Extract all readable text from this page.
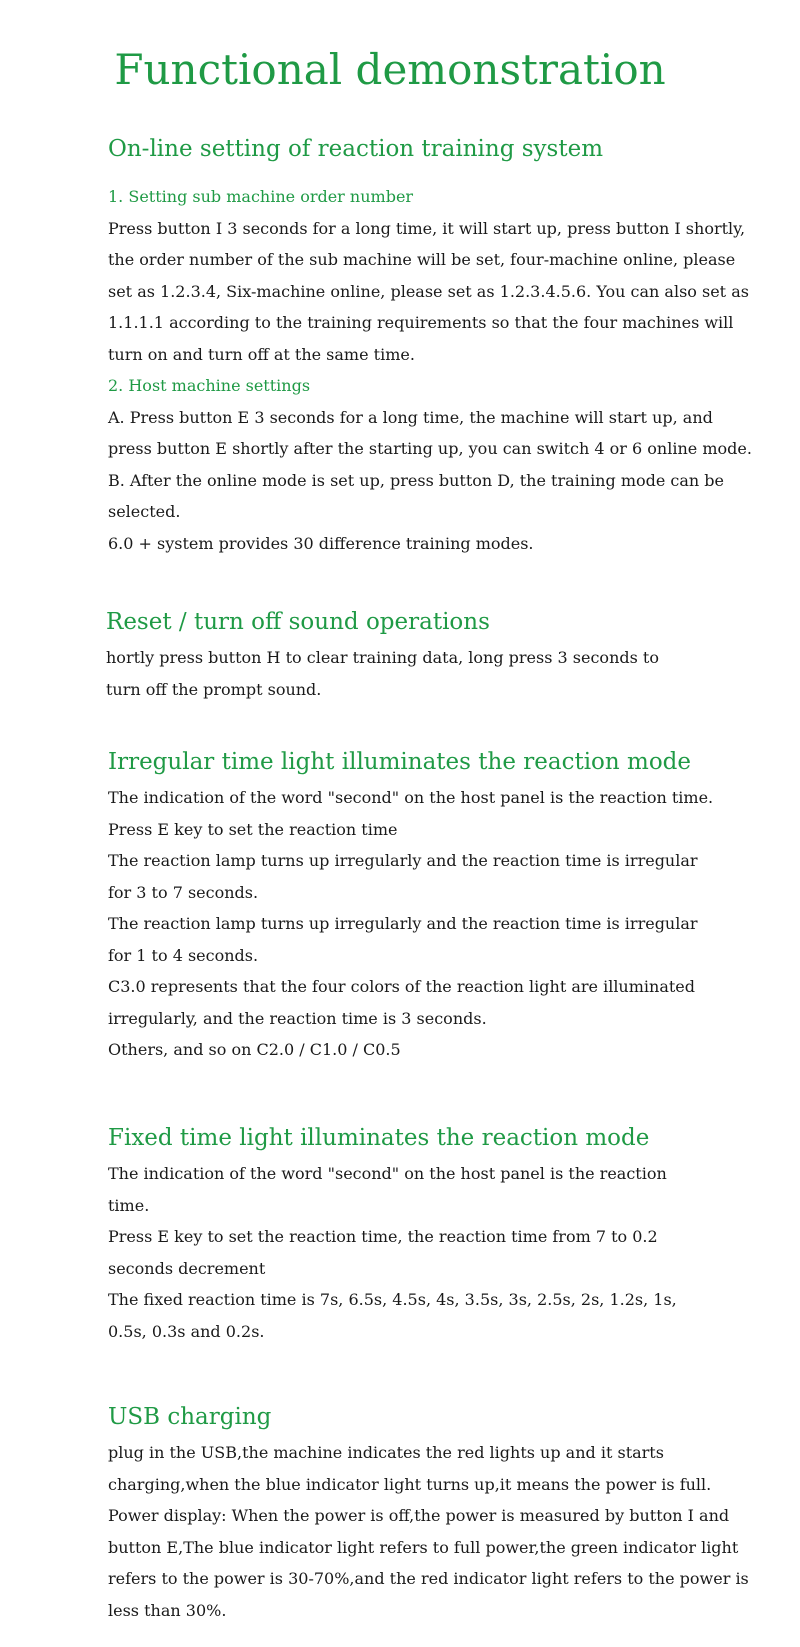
Functional demonstration
On-line setting of reaction training system

1. Setting sub machine order number

Press button I 3 seconds for a long time, it will start up, press button I shortly,

the order number of the sub machine will be set, four-machine online, please

set as 1.2.3.4, Six-machine online, please set as 1.2.3.4.5.6. You can also set as

1.1.1.1 according to the training requirements so that the four machines will

turn on and turn off at the same time.

2. Host machine settings

A. Press button E 3 seconds for a long time, the machine will start up, and

press button E shortly after the starting up, you can switch 4 or 6 online mode.

B. After the online mode is set up, press button D, the training mode can be

selected.

6.0 + system provides 30 difference training modes.

Reset / turn off sound operations

hortly press button H to clear training data, long press 3 seconds to

turn off the prompt sound.

Irregular time light illuminates the reaction mode

The indication of the word "second" on the host panel is the reaction time.

Press E key to set the reaction time

The reaction lamp turns up irregularly and the reaction time is irregular

for 3 to 7 seconds.

The reaction lamp turns up irregularly and the reaction time is irregular

for 1 to 4 seconds.

C3.0 represents that the four colors of the reaction light are illuminated

irregularly, and the reaction time is 3 seconds.

Others, and so on C2.0 / C1.0 / C0.5

Fixed time light illuminates the reaction mode

The indication of the word "second" on the host panel is the reaction

time.

Press E key to set the reaction time, the reaction time from 7 to 0.2

seconds decrement

The fixed reaction time is 7s, 6.5s, 4.5s, 4s, 3.5s, 3s, 2.5s, 2s, 1.2s, 1s,

0.5s, 0.3s and 0.2s.

USB charging

plug in the USB,the machine indicates the red lights up and it starts

charging,when the blue indicator light turns up,it means the power is full.

Power display: When the power is off,the power is measured by button I and

button E,The blue indicator light refers to full power,the green indicator light

refers to the power is 30-70%,and the red indicator light refers to the power is

less than 30%.
